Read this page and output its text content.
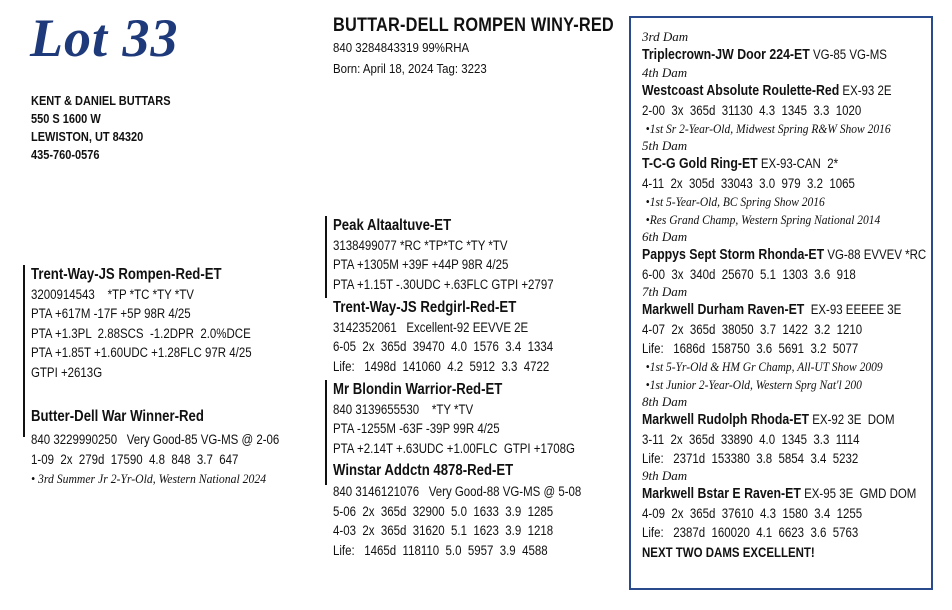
Lot 33
KENT & DANIEL BUTTARS
550 S 1600 W
LEWISTON, UT 84320
435-760-0576
BUTTAR-DELL ROMPEN WINY-RED
840 3284843319 99%RHA
Born: April 18, 2024 Tag: 3223
Trent-Way-JS Rompen-Red-ET
3200914543    *TP *TC *TY *TV
PTA +617M -17F +5P 98R 4/25
PTA +1.3PL  2.88SCS  -1.2DPR  2.0%DCE
PTA +1.85T +1.60UDC +1.28FLC 97R 4/25
GTPI +2613G
Butter-Dell War Winner-Red
840 3229990250   Very Good-85 VG-MS @ 2-06
1-09  2x  279d  17590  4.8  848  3.7  647
• 3rd Summer Jr 2-Yr-Old, Western National 2024
Peak Altaaltuve-ET
3138499077 *RC *TP*TC *TY *TV
PTA +1305M +39F +44P 98R 4/25
PTA +1.15T -.30UDC +.63FLC GTPI +2797
Trent-Way-JS Redgirl-Red-ET
3142352061   Excellent-92 EEVVE 2E
6-05  2x  365d  39470  4.0  1576  3.4  1334
Life:   1498d  141060  4.2  5912  3.3  4722
Mr Blondin Warrior-Red-ET
840 3139655530    *TY *TV
PTA -1255M -63F -39P 99R 4/25
PTA +2.14T +.63UDC +1.00FLC  GTPI +1708G
Winstar Addctn 4878-Red-ET
840 3146121076   Very Good-88 VG-MS @ 5-08
5-06  2x  365d  32900  5.0  1633  3.9  1285
4-03  2x  365d  31620  5.1  1623  3.9  1218
Life:   1465d  118110  5.0  5957  3.9  4588
3rd Dam
Triplecrown-JW Door 224-ET VG-85 VG-MS
4th Dam
Westcoast Absolute Roulette-Red EX-93 2E
2-00  3x  365d  31130  4.3  1345  3.3  1020
• 1st Sr 2-Year-Old, Midwest Spring R&W Show 2016
5th Dam
T-C-G Gold Ring-ET EX-93-CAN  2*
4-11  2x  305d  33043  3.0  979  3.2  1065
• 1st 5-Year-Old, BC Spring Show 2016
• Res Grand Champ, Western Spring National 2014
6th Dam
Pappys Sept Storm Rhonda-ET VG-88 EVVEV *RC
6-00  3x  340d  25670  5.1  1303  3.6  918
7th Dam
Markwell Durham Raven-ET  EX-93 EEEEE 3E
4-07  2x  365d  38050  3.7  1422  3.2  1210
Life:   1686d  158750  3.6  5691  3.2  5077
• 1st 5-Yr-Old & HM Gr Champ, All-UT Show 2009
• 1st Junior 2-Year-Old, Western Sprg Nat'l 200
8th Dam
Markwell Rudolph Rhoda-ET EX-92 3E  DOM
3-11  2x  365d  33890  4.0  1345  3.3  1114
Life:   2371d  153380  3.8  5854  3.4  5232
9th Dam
Markwell Bstar E Raven-ET EX-95 3E  GMD DOM
4-09  2x  365d  37610  4.3  1580  3.4  1255
Life:   2387d  160020  4.1  6623  3.6  5763
NEXT TWO DAMS EXCELLENT!
